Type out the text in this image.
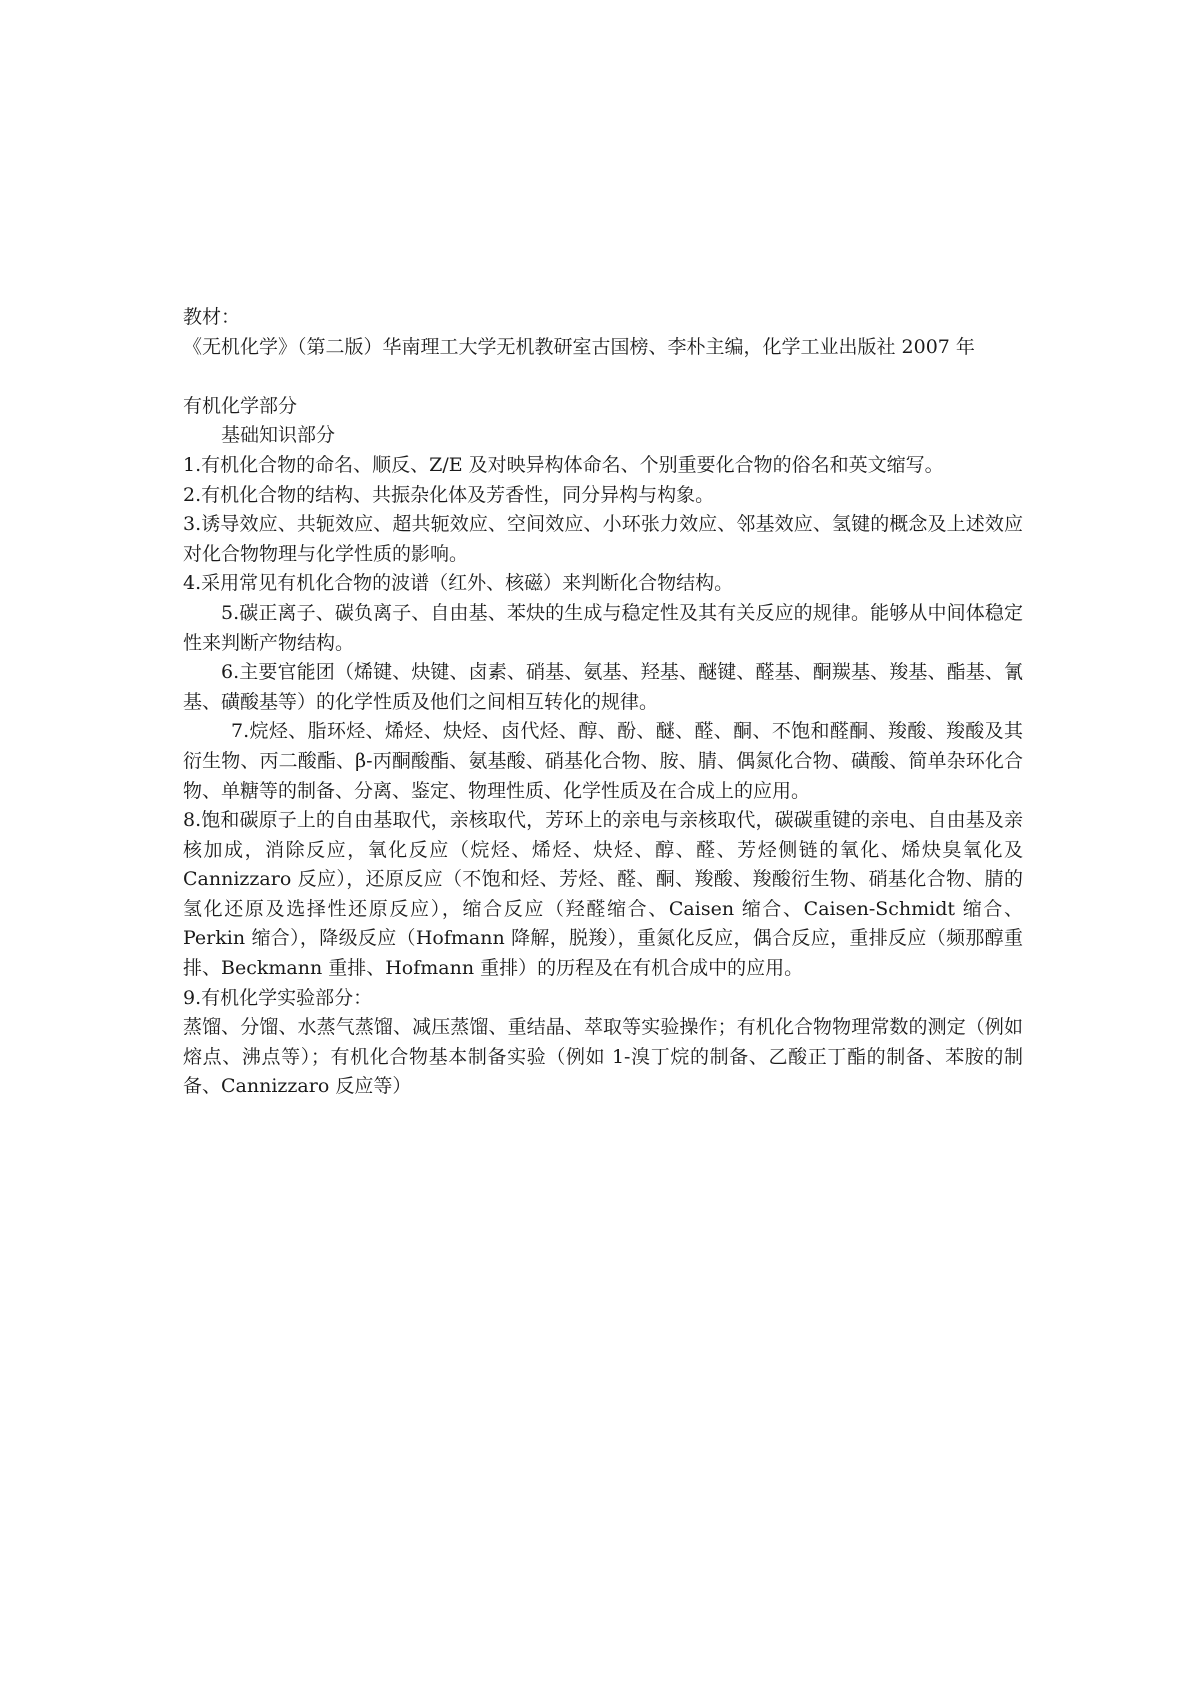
教材：

《无机化学》（第二版）华南理工大学无机教研室古国榜、李朴主编，化学工业出版社 2007 年

有机化学部分

基础知识部分

1.有机化合物的命名、顺反、Z/E 及对映异构体命名、个别重要化合物的俗名和英文缩写。

2.有机化合物的结构、共振杂化体及芳香性，同分异构与构象。

3.诱导效应、共轭效应、超共轭效应、空间效应、小环张力效应、邻基效应、氢键的概念及上述效应对化合物物理与化学性质的影响。

4.采用常见有机化合物的波谱（红外、核磁）来判断化合物结构。

5.碳正离子、碳负离子、自由基、苯炔的生成与稳定性及其有关反应的规律。能够从中间体稳定性来判断产物结构。

6.主要官能团（烯键、炔键、卤素、硝基、氨基、羟基、醚键、醛基、酮羰基、羧基、酯基、氰基、磺酸基等）的化学性质及他们之间相互转化的规律。

7.烷烃、脂环烃、烯烃、炔烃、卤代烃、醇、酚、醚、醛、酮、不饱和醛酮、羧酸、羧酸及其衍生物、丙二酸酯、β-丙酮酸酯、氨基酸、硝基化合物、胺、腈、偶氮化合物、磺酸、简单杂环化合物、单糖等的制备、分离、鉴定、物理性质、化学性质及在合成上的应用。

8.饱和碳原子上的自由基取代，亲核取代，芳环上的亲电与亲核取代，碳碳重键的亲电、自由基及亲核加成，消除反应，氧化反应（烷烃、烯烃、炔烃、醇、醛、芳烃侧链的氧化、烯炔臭氧化及 Cannizzaro 反应），还原反应（不饱和烃、芳烃、醛、酮、羧酸、羧酸衍生物、硝基化合物、腈的氢化还原及选择性还原反应），缩合反应（羟醛缩合、Caisen 缩合、Caisen-Schmidt 缩合、Perkin 缩合），降级反应（Hofmann 降解，脱羧），重氮化反应，偶合反应，重排反应（频那醇重排、Beckmann 重排、Hofmann 重排）的历程及在有机合成中的应用。

9.有机化学实验部分：

蒸馏、分馏、水蒸气蒸馏、减压蒸馏、重结晶、萃取等实验操作；有机化合物物理常数的测定（例如熔点、沸点等）；有机化合物基本制备实验（例如 1-溴丁烷的制备、乙酸正丁酯的制备、苯胺的制备、Cannizzaro 反应等）
